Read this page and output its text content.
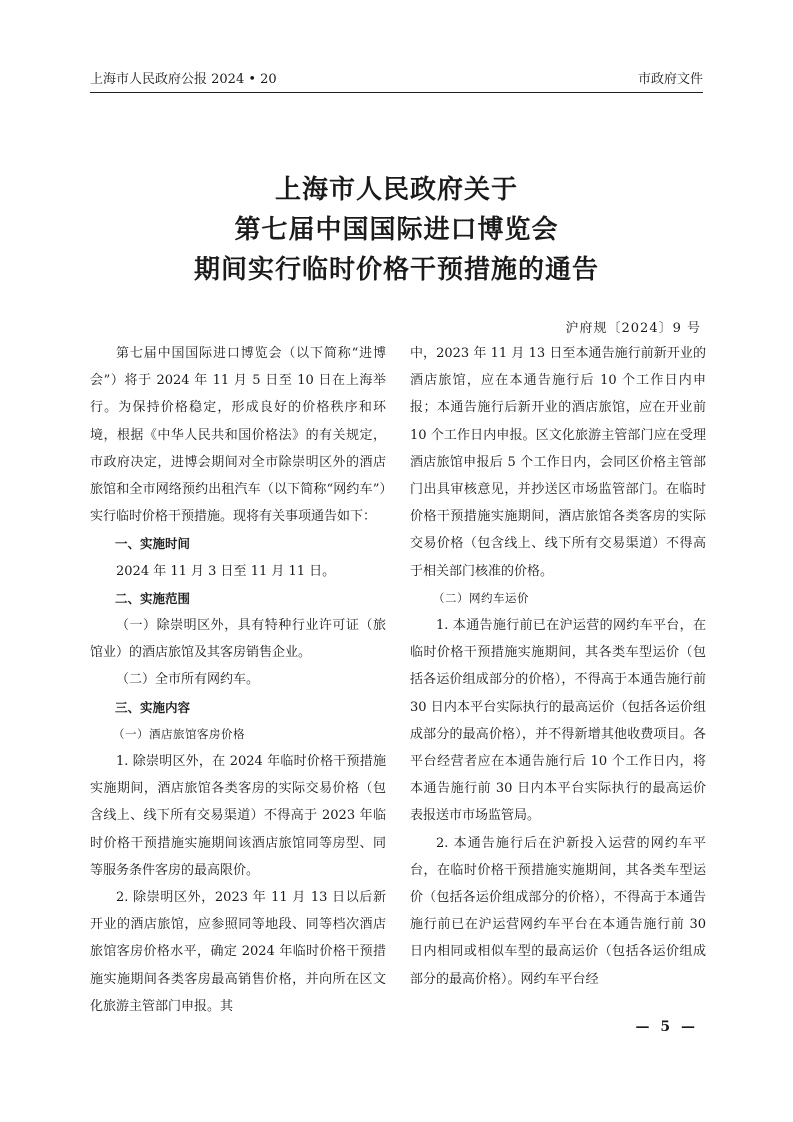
上海市人民政府公报 2024 • 20	市政府文件
上海市人民政府关于
第七届中国国际进口博览会
期间实行临时价格干预措施的通告
沪府规〔2024〕9 号

第七届中国国际进口博览会（以下简称“进博会”）将于 2024 年 11 月 5 日至 10 日在上海举行。为保持价格稳定，形成良好的价格秩序和环境，根据《中华人民共和国价格法》的有关规定，市政府决定，进博会期间对全市除崇明区外的酒店旅馆和全市网络预约出租汽车（以下简称“网约车”）实行临时价格干预措施。现将有关事项通告如下：

一、实施时间

2024 年 11 月 3 日至 11 月 11 日。

二、实施范围

（一）除崇明区外，具有特种行业许可证（旅馆业）的酒店旅馆及其客房销售企业。

（二）全市所有网约车。

三、实施内容

（一）酒店旅馆客房价格

1. 除崇明区外，在 2024 年临时价格干预措施实施期间，酒店旅馆各类客房的实际交易价格（包含线上、线下所有交易渠道）不得高于 2023 年临时价格干预措施实施期间该酒店旅馆同等房型、同等服务条件客房的最高限价。

2. 除崇明区外，2023 年 11 月 13 日以后新开业的酒店旅馆，应参照同等地段、同等档次酒店旅馆客房价格水平，确定 2024 年临时价格干预措施实施期间各类客房最高销售价格，并向所在区文化旅游主管部门申报。其

中，2023 年 11 月 13 日至本通告施行前新开业的酒店旅馆，应在本通告施行后 10 个工作日内申报；本通告施行后新开业的酒店旅馆，应在开业前 10 个工作日内申报。区文化旅游主管部门应在受理酒店旅馆申报后 5 个工作日内，会同区价格主管部门出具审核意见，并抄送区市场监管部门。在临时价格干预措施实施期间，酒店旅馆各类客房的实际交易价格（包含线上、线下所有交易渠道）不得高于相关部门核准的价格。

（二）网约车运价

1. 本通告施行前已在沪运营的网约车平台，在临时价格干预措施实施期间，其各类车型运价（包括各运价组成部分的价格），不得高于本通告施行前 30 日内本平台实际执行的最高运价（包括各运价组成部分的最高价格），并不得新增其他收费项目。各平台经营者应在本通告施行后 10 个工作日内，将本通告施行前 30 日内本平台实际执行的最高运价表报送市市场监管局。

2. 本通告施行后在沪新投入运营的网约车平台，在临时价格干预措施实施期间，其各类车型运价（包括各运价组成部分的价格），不得高于本通告施行前已在沪运营网约车平台在本通告施行前 30 日内相同或相似车型的最高运价（包括各运价组成部分的最高价格）。网约车平台经

— 5 —
